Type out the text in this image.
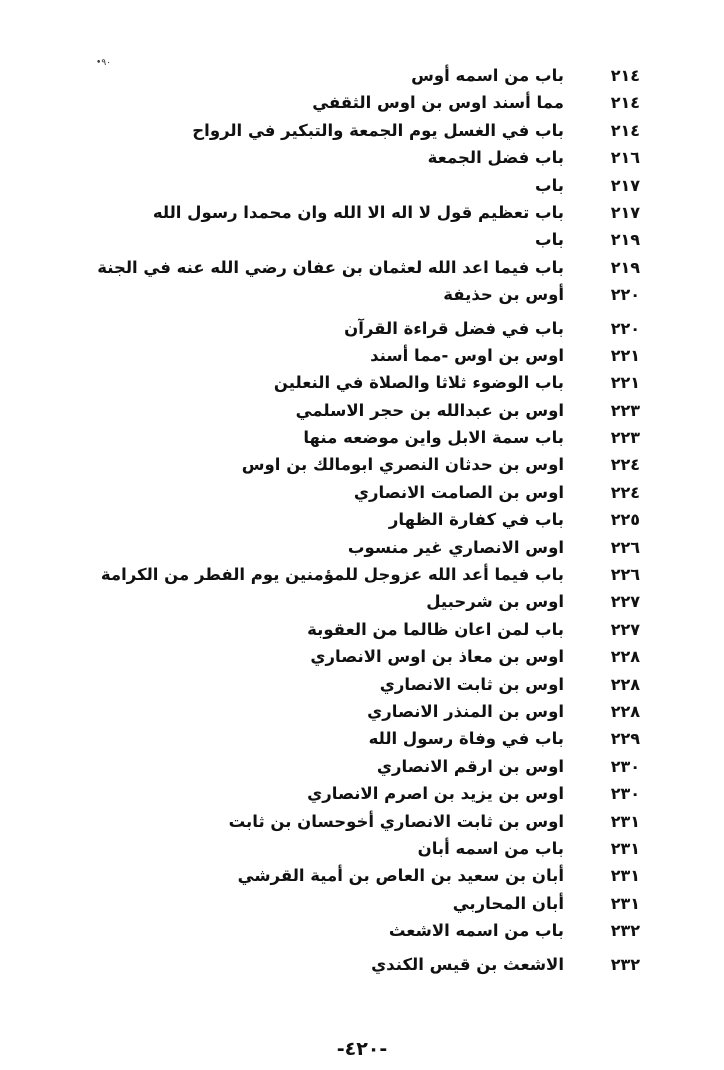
•٩٠
٢١٤
باب من اسمه أوس
٢١٤
مما أسند اوس بن اوس الثقفي
٢١٤
باب في الغسل يوم الجمعة والتبكير في الرواح
٢١٦
باب فضل الجمعة
٢١٧
باب
٢١٧
باب تعظيم قول لا اله الا الله وان محمدا رسول الله
٢١٩
باب
٢١٩
باب فيما اعد الله لعثمان بن عفان رضي الله عنه في الجنة
٢٢٠
أوس بن حذيفة
٢٢٠
باب في فضل قراءة القرآن
٢٢١
اوس بن اوس -مما أسند
٢٢١
باب الوضوء ثلاثا والصلاة في النعلين
٢٢٣
اوس بن عبدالله بن حجر الاسلمي
٢٢٣
باب سمة الابل واين موضعه منها
٢٢٤
اوس بن حدثان النصري ابومالك بن اوس
٢٢٤
اوس بن الصامت الانصاري
٢٢٥
باب في كفارة الظهار
٢٢٦
اوس الانصاري غير منسوب
٢٢٦
باب فيما أعد الله عزوجل للمؤمنين يوم الفطر من الكرامة
٢٢٧
اوس بن شرحبيل
٢٢٧
باب لمن اعان ظالما من العقوبة
٢٢٨
اوس بن معاذ بن اوس الانصاري
٢٢٨
اوس بن ثابت الانصاري
٢٢٨
اوس بن المنذر الانصاري
٢٢٩
باب في وفاة رسول الله
٢٣٠
اوس بن ارقم الانصاري
٢٣٠
اوس بن يزيد بن اصرم الانصاري
٢٣١
اوس بن ثابت الانصاري أخوحسان بن ثابت
٢٣١
باب من اسمه أبان
٢٣١
أبان بن سعيد بن العاص بن أمية القرشي
٢٣١
أبان المحاربي
٢٣٢
باب من اسمه الاشعث
٢٣٢
الاشعث بن قيس الكندي
-٤٢٠-
